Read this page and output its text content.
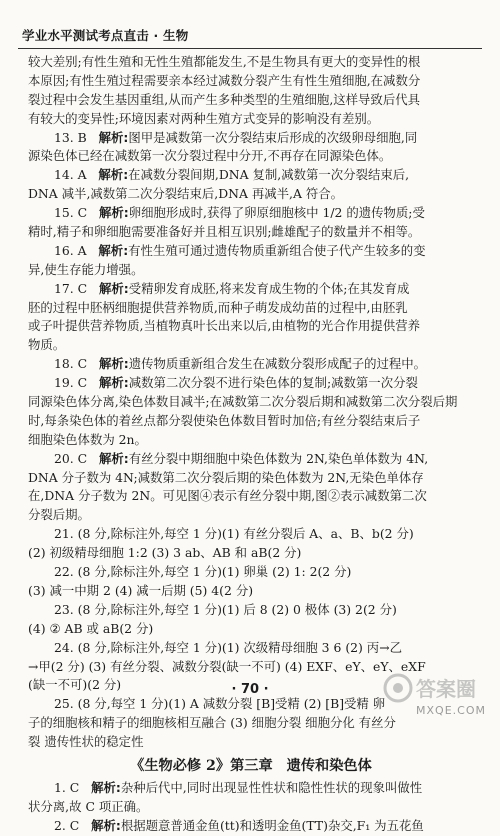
学业水平测试考点直击 · 生物
较大差别;有性生殖和无性生殖都能发生,不是生物具有更大的变异性的根
本原因;有性生殖过程需要亲本经过减数分裂产生有性生殖细胞,在减数分
裂过程中会发生基因重组,从而产生多种类型的生殖细胞,这样导致后代具
有较大的变异性;环境因素对两种生殖方式变异的影响没有差别。
13. B 解析:图甲是减数第一次分裂结束后形成的次级卵母细胞,同
源染色体已经在减数第一次分裂过程中分开,不再存在同源染色体。
14. A 解析:在减数分裂间期,DNA 复制,减数第一次分裂结束后,
DNA 减半,减数第二次分裂结束后,DNA 再减半,A 符合。
15. C 解析:卵细胞形成时,获得了卵原细胞核中 1/2 的遗传物质;受
精时,精子和卵细胞需要准备好并且相互识别;雌雄配子的数量并不相等。
16. A 解析:有性生殖可通过遗传物质重新组合使子代产生较多的变
异,使生存能力增强。
17. C 解析:受精卵发育成胚,将来发育成生物的个体;在其发育成
胚的过程中胚柄细胞提供营养物质,而种子萌发成幼苗的过程中,由胚乳
或子叶提供营养物质,当植物真叶长出来以后,由植物的光合作用提供营养
物质。
18. C 解析:遗传物质重新组合发生在减数分裂形成配子的过程中。
19. C 解析:减数第二次分裂不进行染色体的复制;减数第一次分裂
同源染色体分离,染色体数目减半;在减数第二次分裂后期和减数第二次分裂后期
时,每条染色体的着丝点都分裂使染色体数目暂时加倍;有丝分裂结束后子
细胞染色体数为 2n。
20. C 解析:有丝分裂中期细胞中染色体数为 2N,染色单体数为 4N,
DNA 分子数为 4N;减数第二次分裂后期的染色体数为 2N,无染色单体存
在,DNA 分子数为 2N。可见图④表示有丝分裂中期,图②表示减数第二次
分裂后期。
21. (8 分,除标注外,每空 1 分)(1) 有丝分裂后 A、a、B、b(2 分)
(2) 初级精母细胞 1:2 (3) 3 ab、AB 和 aB(2 分)
22. (8 分,除标注外,每空 1 分)(1) 卵巢 (2) 1: 2(2 分)
(3) 减一中期 2 (4) 减一后期 (5) 4(2 分)
23. (8 分,除标注外,每空 1 分)(1) 后 8 (2) 0 极体 (3) 2(2 分)
(4) ② AB 或 aB(2 分)
24. (8 分,除标注外,每空 1 分)(1) 次级精母细胞 3 6 (2) 丙→乙
→甲(2 分) (3) 有丝分裂、减数分裂(缺一不可) (4) EXF、eY、eY、eXF
(缺一不可)(2 分)
25. (8 分,每空 1 分)(1) A 减数分裂 [B]受精 (2) [B]受精 卵
子的细胞核和精子的细胞核相互融合 (3) 细胞分裂 细胞分化 有丝分
裂 遗传性状的稳定性
《生物必修 2》第三章 遗传和染色体
1. C 解析:杂种后代中,同时出现显性性状和隐性性状的现象叫做性
状分离,故 C 项正确。
2. C 解析:根据题意普通金鱼(tt)和透明金鱼(TT)杂交,F₁ 为五花鱼
· 70 ·	答案圈
MXQE.COM
